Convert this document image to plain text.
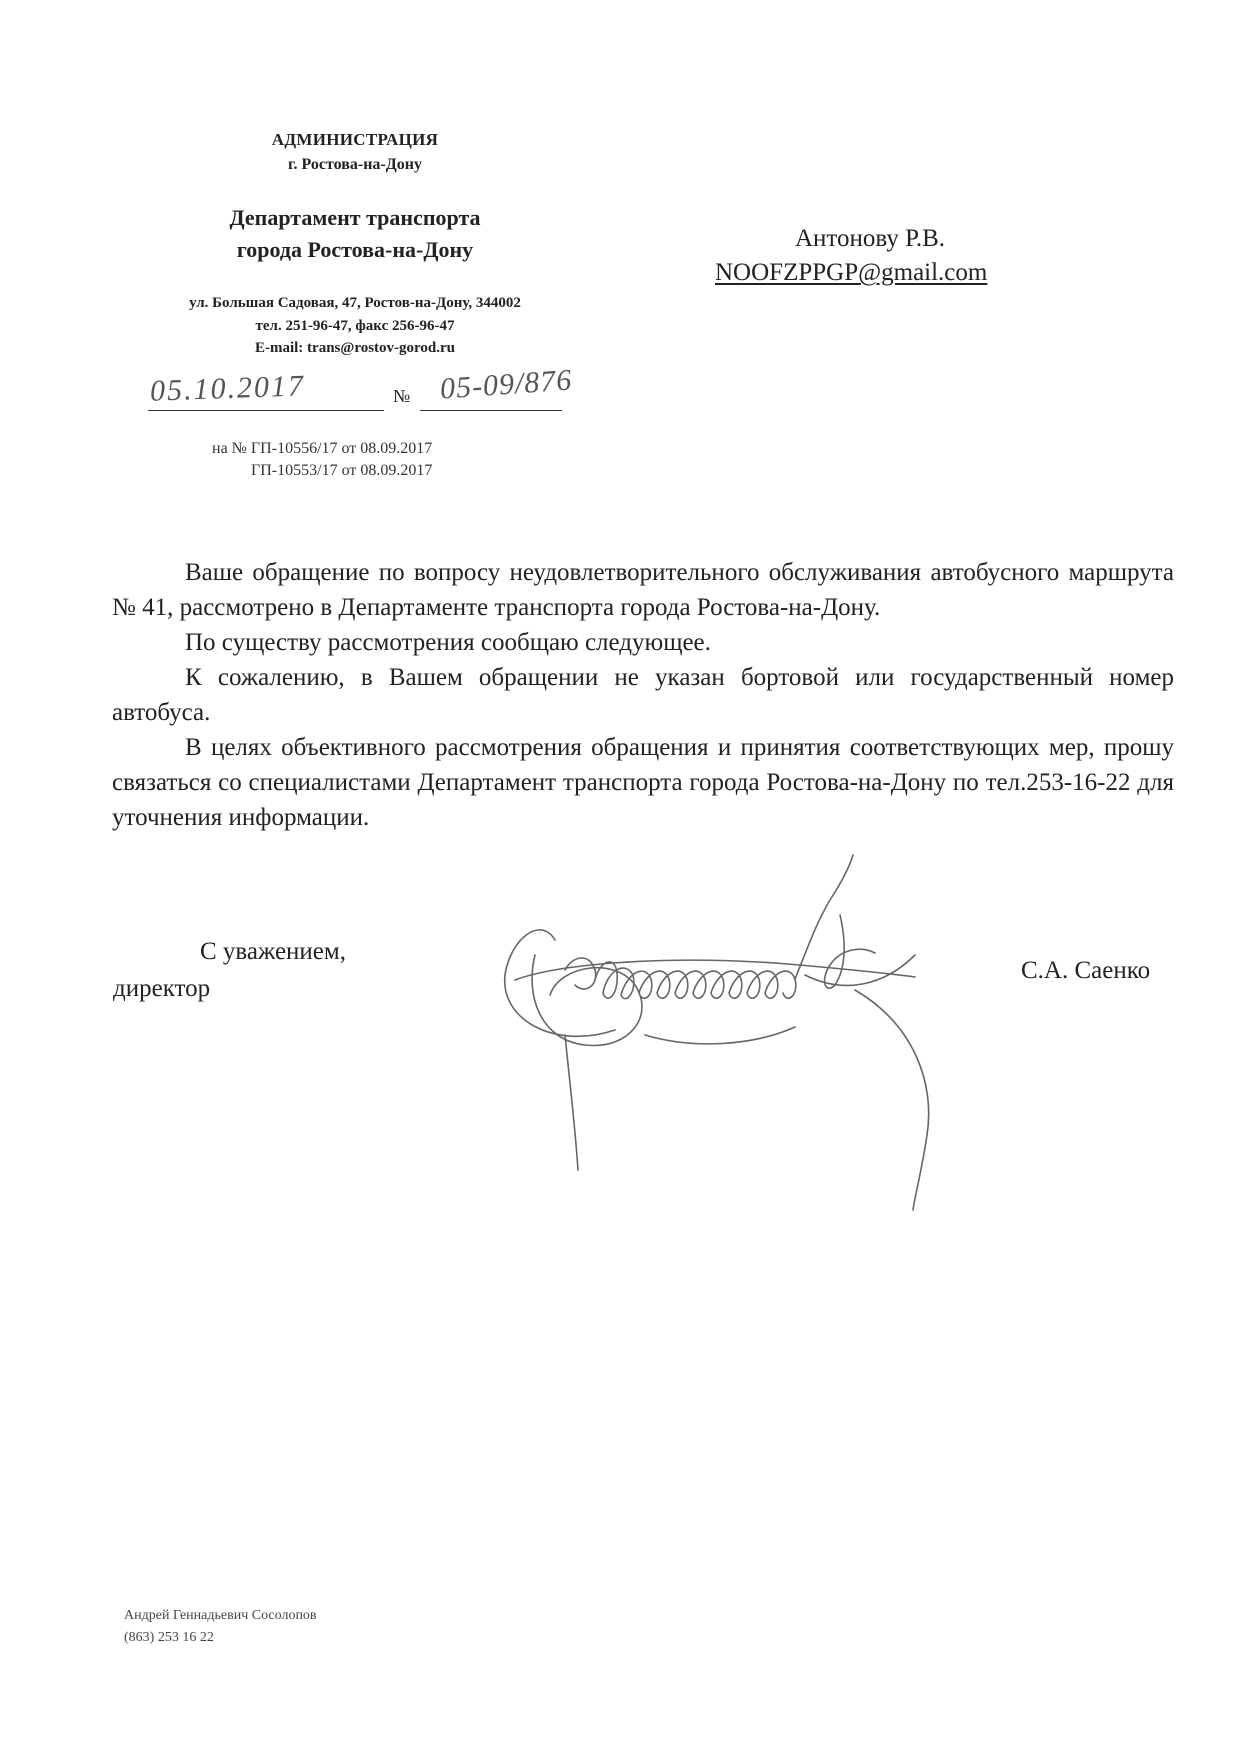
АДМИНИСТРАЦИЯ
г. Ростова-на-Дону
Департамент транспорта
города Ростова-на-Дону
ул. Большая Садовая, 47, Ростов-на-Дону, 344002
тел. 251-96-47, факс 256-96-47
E-mail: trans@rostov-gorod.ru
05.10.2017	№ 05-09/876
на № ГП-10556/17 от 08.09.2017
ГП-10553/17 от 08.09.2017
Антонову Р.В.
NOOFZPPGP@gmail.com

Ваше обращение по вопросу неудовлетворительного обслуживания автобусного маршрута № 41, рассмотрено в Департаменте транспорта города Ростова-на-Дону.

По существу рассмотрения сообщаю следующее.

К сожалению, в Вашем обращении не указан бортовой или государственный номер автобуса.

В целях объективного рассмотрения обращения и принятия соответствующих мер, прошу связаться со специалистами Департамент транспорта города Ростова-на-Дону по тел.253-16-22 для уточнения информации.

С уважением,
директор
С.А. Саенко
Андрей Геннадьевич Сосолопов
(863) 253 16 22
